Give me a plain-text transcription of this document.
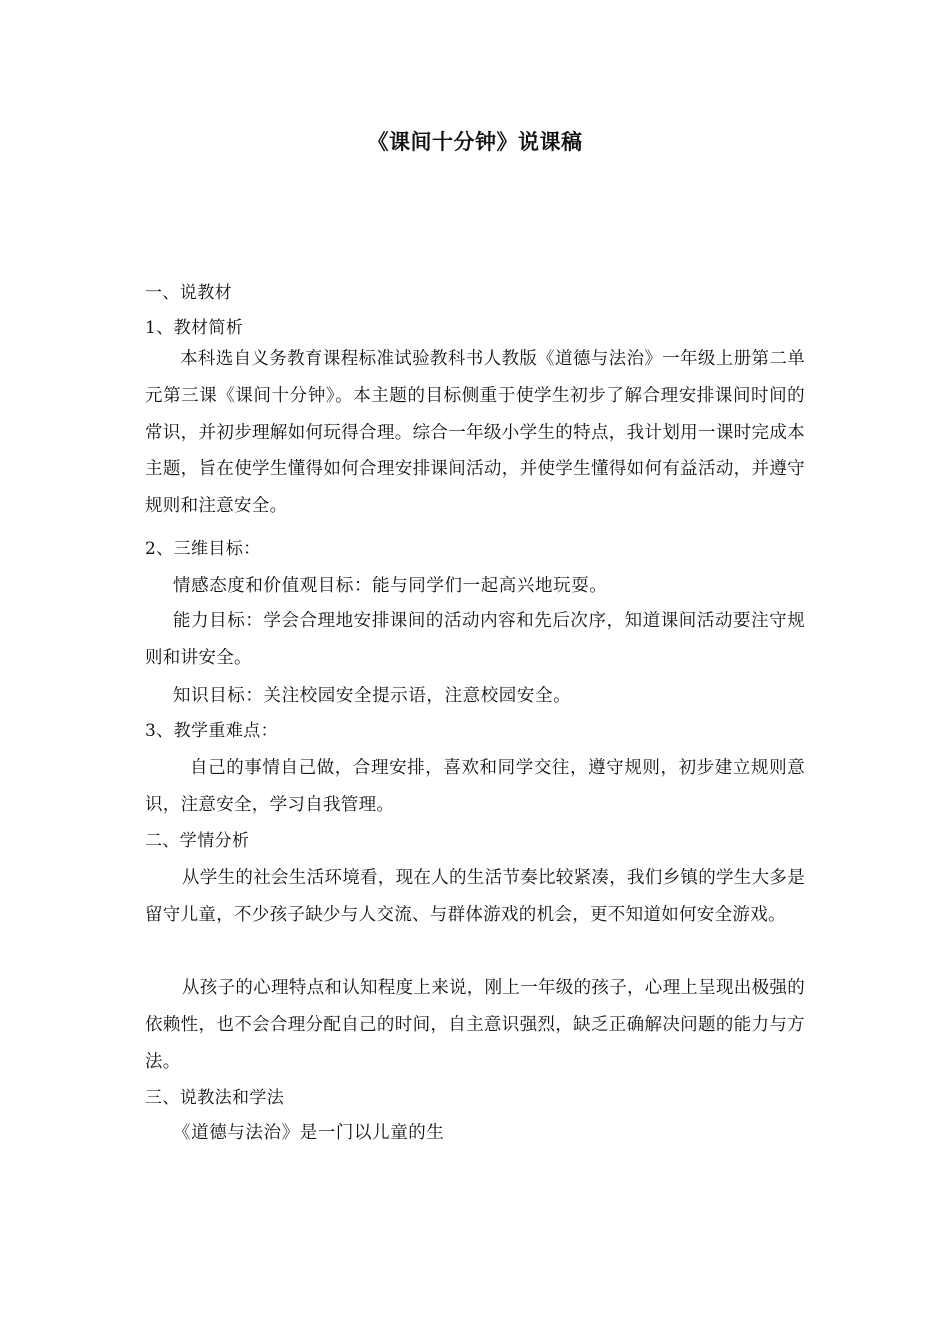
《课间十分钟》说课稿
一、说教材
1、教材简析
本科选自义务教育课程标准试验教科书人教版《道德与法治》一年级上册第二单元第三课《课间十分钟》。本主题的目标侧重于使学生初步了解合理安排课间时间的常识，并初步理解如何玩得合理。综合一年级小学生的特点，我计划用一课时完成本主题，旨在使学生懂得如何合理安排课间活动，并使学生懂得如何有益活动，并遵守规则和注意安全。
2、三维目标：
情感态度和价值观目标：能与同学们一起高兴地玩耍。
能力目标：学会合理地安排课间的活动内容和先后次序，知道课间活动要注守规则和讲安全。
知识目标：关注校园安全提示语，注意校园安全。
3、教学重难点：
自己的事情自己做，合理安排，喜欢和同学交往，遵守规则，初步建立规则意识，注意安全，学习自我管理。
二、学情分析
从学生的社会生活环境看，现在人的生活节奏比较紧凑，我们乡镇的学生大多是留守儿童，不少孩子缺少与人交流、与群体游戏的机会，更不知道如何安全游戏。
从孩子的心理特点和认知程度上来说，刚上一年级的孩子，心理上呈现出极强的依赖性，也不会合理分配自己的时间，自主意识强烈，缺乏正确解决问题的能力与方法。
三、说教法和学法
《道德与法治》是一门以儿童的生
